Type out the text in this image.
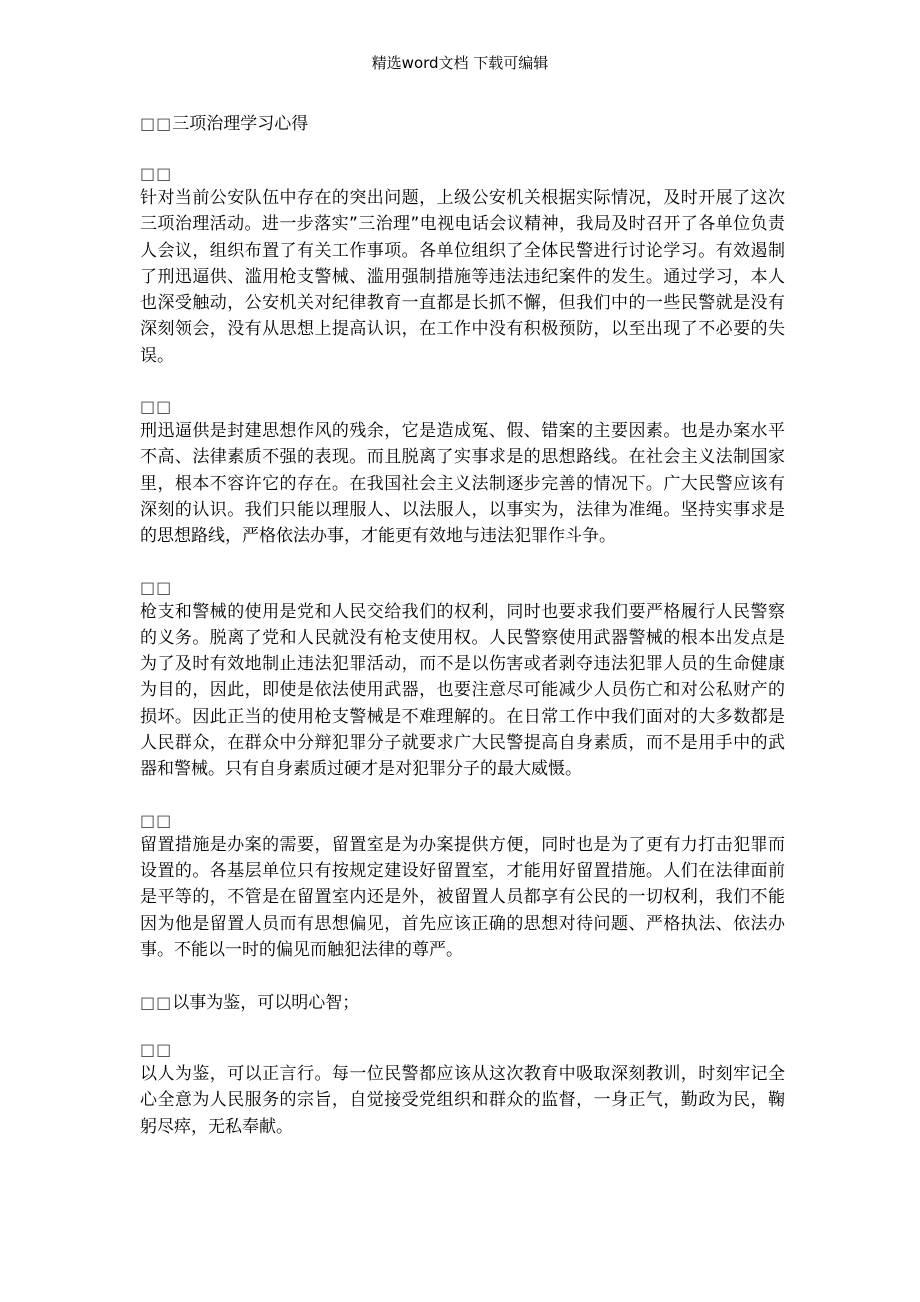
精选word文档 下载可编辑
□□三项治理学习心得
□□

针对当前公安队伍中存在的突出问题，上级公安机关根据实际情况，及时开展了这次三项治理活动。进一步落实”三治理”电视电话会议精神，我局及时召开了各单位负责人会议，组织布置了有关工作事项。各单位组织了全体民警进行讨论学习。有效遏制了刑迅逼供、滥用枪支警械、滥用强制措施等违法违纪案件的发生。通过学习，本人也深受触动，公安机关对纪律教育一直都是长抓不懈，但我们中的一些民警就是没有深刻领会，没有从思想上提高认识，在工作中没有积极预防，以至出现了不必要的失误。

□□

刑迅逼供是封建思想作风的残余，它是造成冤、假、错案的主要因素。也是办案水平不高、法律素质不强的表现。而且脱离了实事求是的思想路线。在社会主义法制国家里，根本不容许它的存在。在我国社会主义法制逐步完善的情况下。广大民警应该有深刻的认识。我们只能以理服人、以法服人，以事实为，法律为准绳。坚持实事求是的思想路线，严格依法办事，才能更有效地与违法犯罪作斗争。

□□

枪支和警械的使用是党和人民交给我们的权利，同时也要求我们要严格履行人民警察的义务。脱离了党和人民就没有枪支使用权。人民警察使用武器警械的根本出发点是为了及时有效地制止违法犯罪活动，而不是以伤害或者剥夺违法犯罪人员的生命健康为目的，因此，即使是依法使用武器，也要注意尽可能减少人员伤亡和对公私财产的损坏。因此正当的使用枪支警械是不难理解的。在日常工作中我们面对的大多数都是人民群众，在群众中分辩犯罪分子就要求广大民警提高自身素质，而不是用手中的武器和警械。只有自身素质过硬才是对犯罪分子的最大威慑。

□□

留置措施是办案的需要，留置室是为办案提供方便，同时也是为了更有力打击犯罪而设置的。各基层单位只有按规定建设好留置室，才能用好留置措施。人们在法律面前是平等的，不管是在留置室内还是外，被留置人员都享有公民的一切权利，我们不能因为他是留置人员而有思想偏见，首先应该正确的思想对待问题、严格执法、依法办事。不能以一时的偏见而触犯法律的尊严。

□□以事为鉴，可以明心智；
□□

以人为鉴，可以正言行。每一位民警都应该从这次教育中吸取深刻教训，时刻牢记全心全意为人民服务的宗旨，自觉接受党组织和群众的监督，一身正气，勤政为民，鞠躬尽瘁，无私奉献。
